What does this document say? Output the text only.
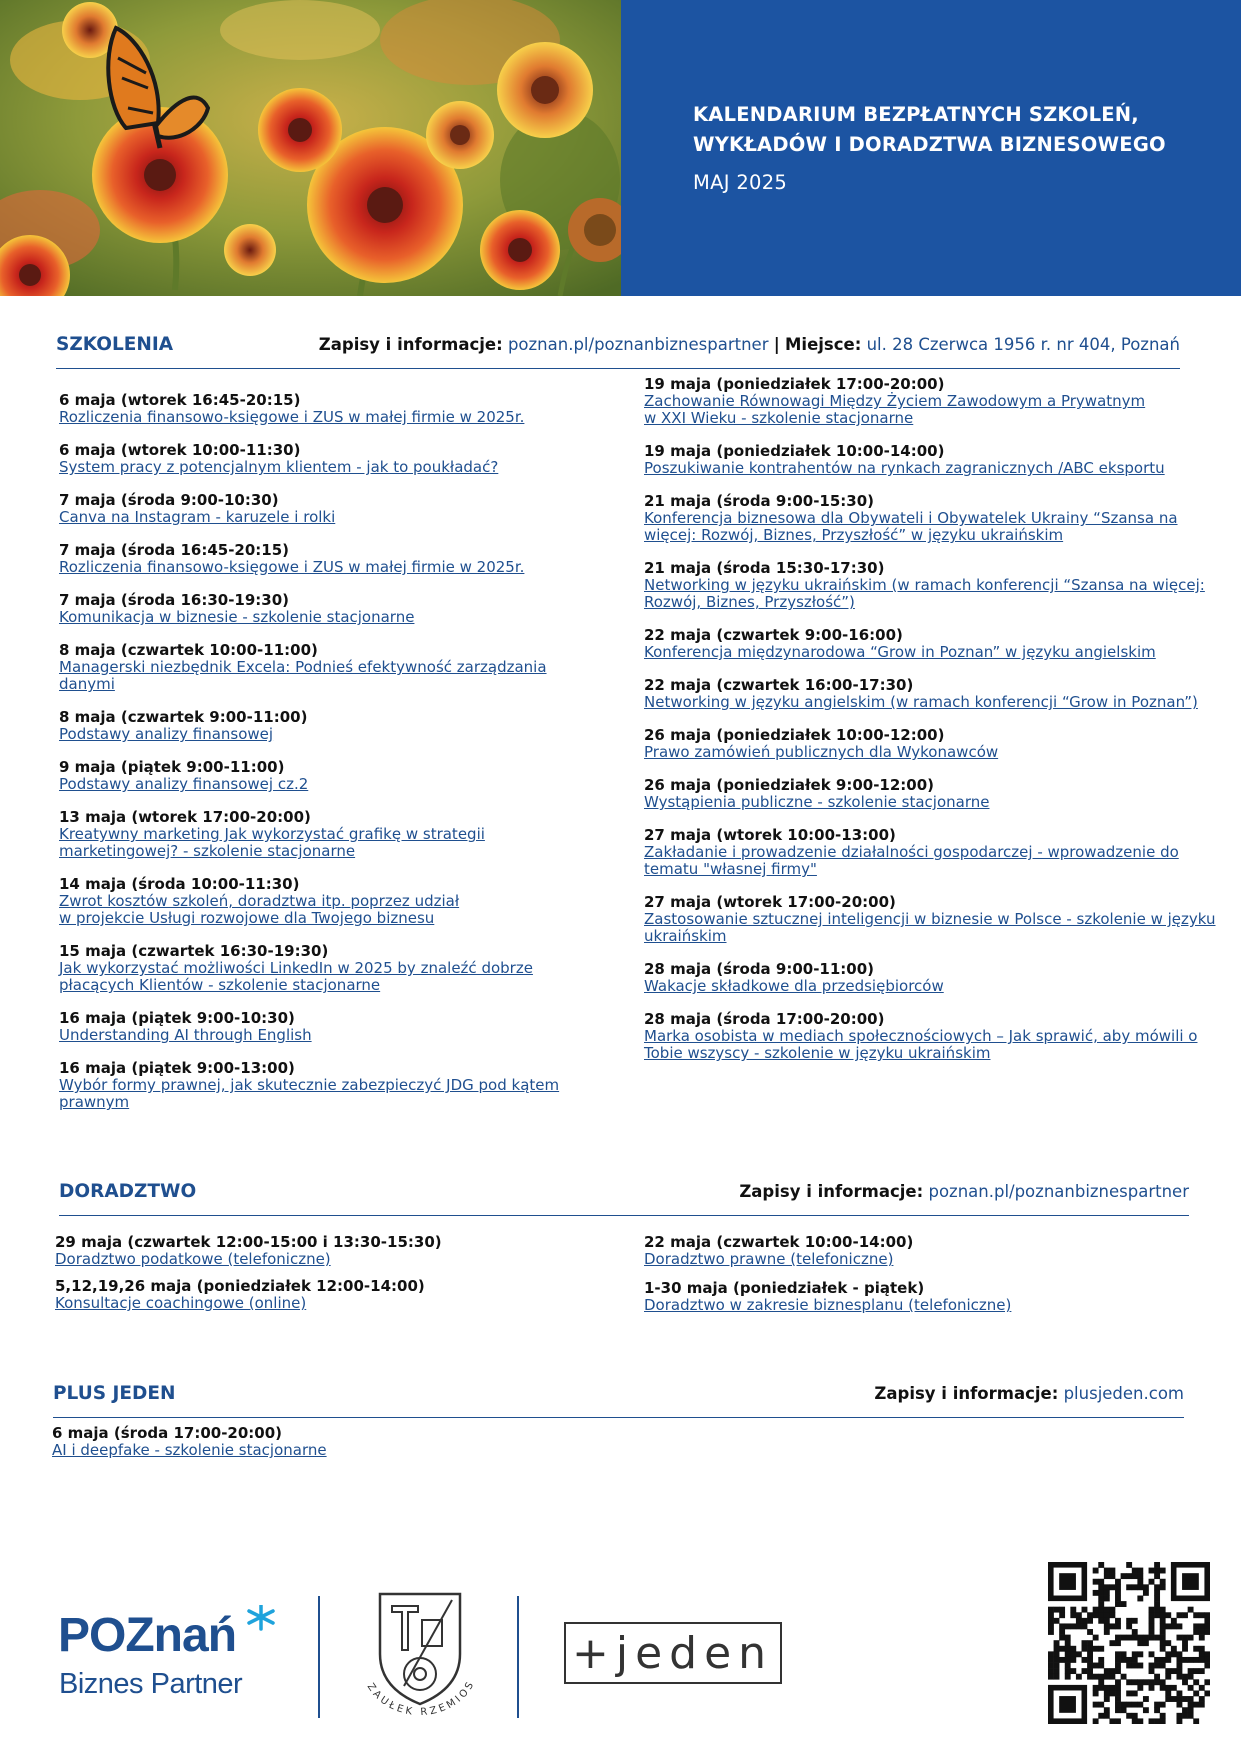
KALENDARIUM BEZPŁATNYCH SZKOLEŃ,
WYKŁADÓW I DORADZTWA BIZNESOWEGO
MAJ 2025
SZKOLENIA	Zapisy i informacje: poznan.pl/poznanbiznespartner | Miejsce: ul. 28 Czerwca 1956 r. nr 404, Poznań
6 maja (wtorek 16:45-20:15)
Rozliczenia finansowo-księgowe i ZUS w małej firmie w 2025r.
6 maja (wtorek 10:00-11:30)
System pracy z potencjalnym klientem - jak to poukładać?
7 maja (środa 9:00-10:30)
Canva na Instagram - karuzele i rolki
7 maja (środa 16:45-20:15)
Rozliczenia finansowo-księgowe i ZUS w małej firmie w 2025r.
7 maja (środa 16:30-19:30)
Komunikacja w biznesie - szkolenie stacjonarne
8 maja (czwartek 10:00-11:00)
Managerski niezbędnik Excela: Podnieś efektywność zarządzania
danymi
8 maja (czwartek 9:00-11:00)
Podstawy analizy finansowej
9 maja (piątek 9:00-11:00)
Podstawy analizy finansowej cz.2
13 maja (wtorek 17:00-20:00)
Kreatywny marketing Jak wykorzystać grafikę w strategii
marketingowej? - szkolenie stacjonarne
14 maja (środa 10:00-11:30)
Zwrot kosztów szkoleń, doradztwa itp. poprzez udział
w projekcie Usługi rozwojowe dla Twojego biznesu
15 maja (czwartek 16:30-19:30)
Jak wykorzystać możliwości LinkedIn w 2025 by znaleźć dobrze
płacących Klientów - szkolenie stacjonarne
16 maja (piątek 9:00-10:30)
Understanding AI through English
16 maja (piątek 9:00-13:00)
Wybór formy prawnej, jak skutecznie zabezpieczyć JDG pod kątem
prawnym
19 maja (poniedziałek 17:00-20:00)
Zachowanie Równowagi Między Życiem Zawodowym a Prywatnym
w XXI Wieku - szkolenie stacjonarne
19 maja (poniedziałek 10:00-14:00)
Poszukiwanie kontrahentów na rynkach zagranicznych /ABC eksportu
21 maja (środa 9:00-15:30)
Konferencja biznesowa dla Obywateli i Obywatelek Ukrainy “Szansa na
więcej: Rozwój, Biznes, Przyszłość” w języku ukraińskim
21 maja (środa 15:30-17:30)
Networking w języku ukraińskim (w ramach konferencji “Szansa na więcej:
Rozwój, Biznes, Przyszłość”)
22 maja (czwartek 9:00-16:00)
Konferencja międzynarodowa “Grow in Poznan” w języku angielskim
22 maja (czwartek 16:00-17:30)
Networking w języku angielskim (w ramach konferencji “Grow in Poznan”)
26 maja (poniedziałek 10:00-12:00)
Prawo zamówień publicznych dla Wykonawców
26 maja (poniedziałek 9:00-12:00)
Wystąpienia publiczne - szkolenie stacjonarne
27 maja (wtorek 10:00-13:00)
Zakładanie i prowadzenie działalności gospodarczej - wprowadzenie do
tematu "własnej firmy"
27 maja (wtorek 17:00-20:00)
Zastosowanie sztucznej inteligencji w biznesie w Polsce - szkolenie w języku
ukraińskim
28 maja (środa 9:00-11:00)
Wakacje składkowe dla przedsiębiorców
28 maja (środa 17:00-20:00)
Marka osobista w mediach społecznościowych – Jak sprawić, aby mówili o
Tobie wszyscy - szkolenie w języku ukraińskim
DORADZTWO	Zapisy i informacje: poznan.pl/poznanbiznespartner
29 maja (czwartek 12:00-15:00 i 13:30-15:30)
Doradztwo podatkowe (telefoniczne)
5,12,19,26 maja (poniedziałek 12:00-14:00)
Konsultacje coachingowe (online)
22 maja (czwartek 10:00-14:00)
Doradztwo prawne (telefoniczne)
1-30 maja (poniedziałek - piątek)
Doradztwo w zakresie biznesplanu (telefoniczne)
PLUS JEDEN	Zapisy i informacje: plusjeden.com
6 maja (środa 17:00-20:00)
AI i deepfake - szkolenie stacjonarne
POZnań
Biznes Partner	ZAUŁEK RZEMIOS
+jeden
